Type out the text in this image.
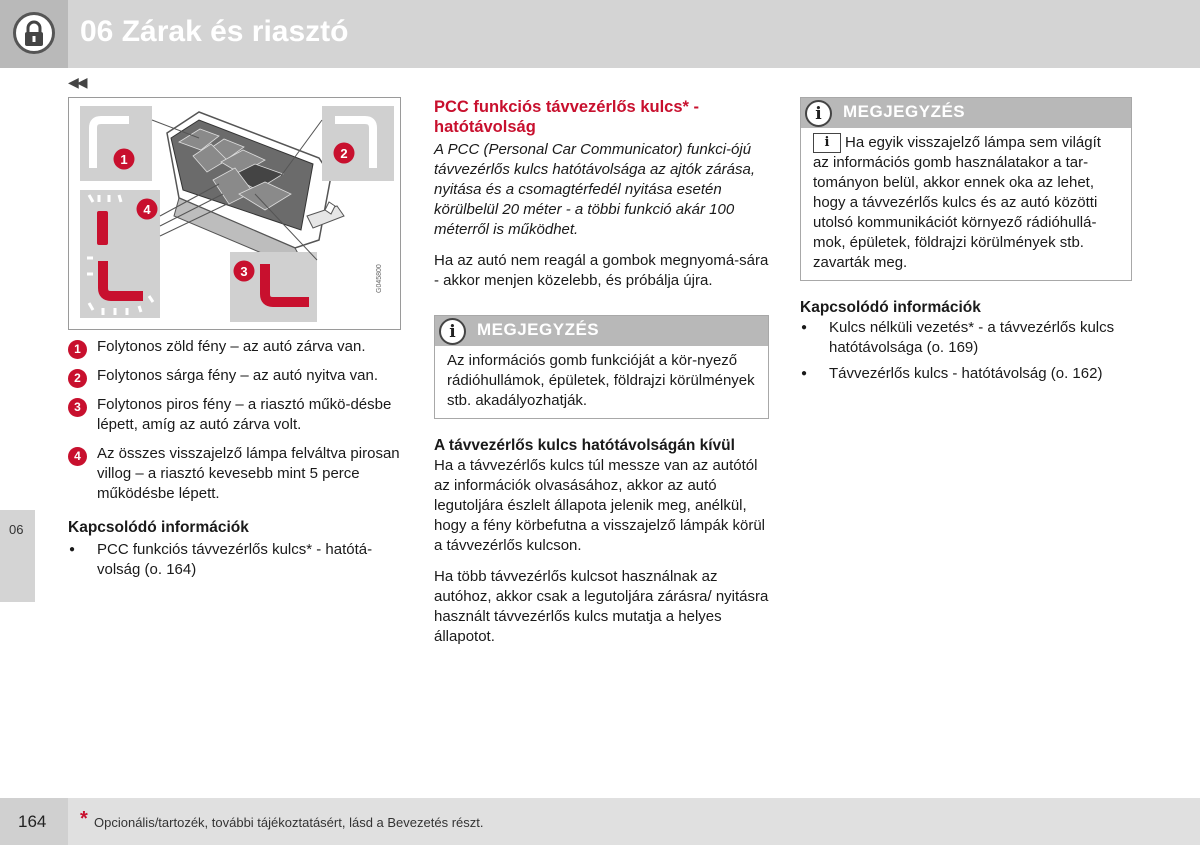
06 Zárak és riasztó
◀◀
1	2
4
3	G045800
1	Folytonos zöld fény – az autó zárva van.
2	Folytonos sárga fény – az autó nyitva van.
3	Folytonos piros fény – a riasztó műkö-désbe lépett, amíg az autó zárva volt.
4	Az összes visszajelző lámpa felváltva pirosan villog – a riasztó kevesebb mint 5 perce működésbe lépett.
Kapcsolódó információk
● PCC funkciós távvezérlős kulcs* - hatótá-volság (o. 164)
06
PCC funkciós távvezérlős kulcs* - hatótávolság
A PCC (Personal Car Communicator) funkci-ójú távvezérlős kulcs hatótávolsága az ajtók zárása, nyitása és a csomagtérfedél nyitása esetén körülbelül 20 méter - a többi funkció akár 100 méterről is működhet.
Ha az autó nem reagál a gombok megnyomá-sára - akkor menjen közelebb, és próbálja újra.
i	MEGJEGYZÉS
Az információs gomb funkcióját a kör-nyező rádióhullámok, épületek, földrajzi körülmények stb. akadályozhatják.
A távvezérlős kulcs hatótávolságán kívül
Ha a távvezérlős kulcs túl messze van az autótól az információk olvasásához, akkor az autó legutoljára észlelt állapota jelenik meg, anélkül, hogy a fény körbefutna a visszajelző lámpák körül a távvezérlős kulcson.
Ha több távvezérlős kulcsot használnak az autóhoz, akkor csak a legutoljára zárásra/ nyitásra használt távvezérlős kulcs mutatja a helyes állapotot.
i	MEGJEGYZÉS
i Ha egyik visszajelző lámpa sem világít az információs gomb használatakor a tar-tományon belül, akkor ennek oka az lehet, hogy a távvezérlős kulcs és az autó közötti utolsó kommunikációt környező rádióhullá-mok, épületek, földrajzi körülmények stb. zavarták meg.
Kapcsolódó információk
● Kulcs nélküli vezetés* - a távvezérlős kulcs hatótávolsága (o. 169)
● Távvezérlős kulcs - hatótávolság (o. 162)
164 * Opcionális/tartozék, további tájékoztatásért, lásd a Bevezetés részt.
